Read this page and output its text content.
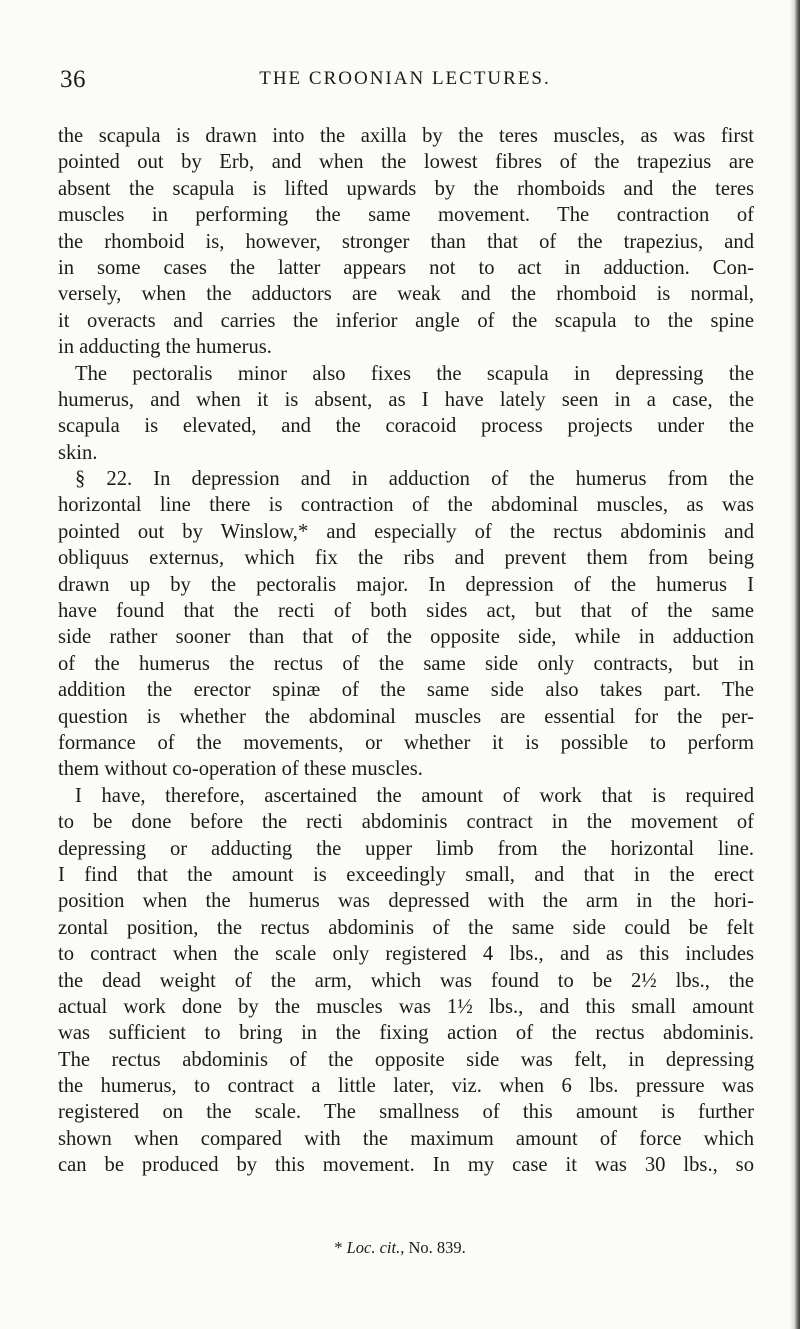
36	THE CROONIAN LECTURES.
the scapula is drawn into the axilla by the teres muscles, as was first
pointed out by Erb, and when the lowest fibres of the trapezius are
absent the scapula is lifted upwards by the rhomboids and the teres
muscles in performing the same movement. The contraction of
the rhomboid is, however, stronger than that of the trapezius, and
in some cases the latter appears not to act in adduction. Con-
versely, when the adductors are weak and the rhomboid is normal,
it overacts and carries the inferior angle of the scapula to the spine
in adducting the humerus.
The pectoralis minor also fixes the scapula in depressing the
humerus, and when it is absent, as I have lately seen in a case, the
scapula is elevated, and the coracoid process projects under the
skin.
§ 22. In depression and in adduction of the humerus from the
horizontal line there is contraction of the abdominal muscles, as was
pointed out by Winslow,* and especially of the rectus abdominis and
obliquus externus, which fix the ribs and prevent them from being
drawn up by the pectoralis major. In depression of the humerus I
have found that the recti of both sides act, but that of the same
side rather sooner than that of the opposite side, while in adduction
of the humerus the rectus of the same side only contracts, but in
addition the erector spinæ of the same side also takes part. The
question is whether the abdominal muscles are essential for the per-
formance of the movements, or whether it is possible to perform
them without co-operation of these muscles.
I have, therefore, ascertained the amount of work that is required
to be done before the recti abdominis contract in the movement of
depressing or adducting the upper limb from the horizontal line.
I find that the amount is exceedingly small, and that in the erect
position when the humerus was depressed with the arm in the hori-
zontal position, the rectus abdominis of the same side could be felt
to contract when the scale only registered 4 lbs., and as this includes
the dead weight of the arm, which was found to be 2½ lbs., the
actual work done by the muscles was 1½ lbs., and this small amount
was sufficient to bring in the fixing action of the rectus abdominis.
The rectus abdominis of the opposite side was felt, in depressing
the humerus, to contract a little later, viz. when 6 lbs. pressure was
registered on the scale. The smallness of this amount is further
shown when compared with the maximum amount of force which
can be produced by this movement. In my case it was 30 lbs., so
* Loc. cit., No. 839.
